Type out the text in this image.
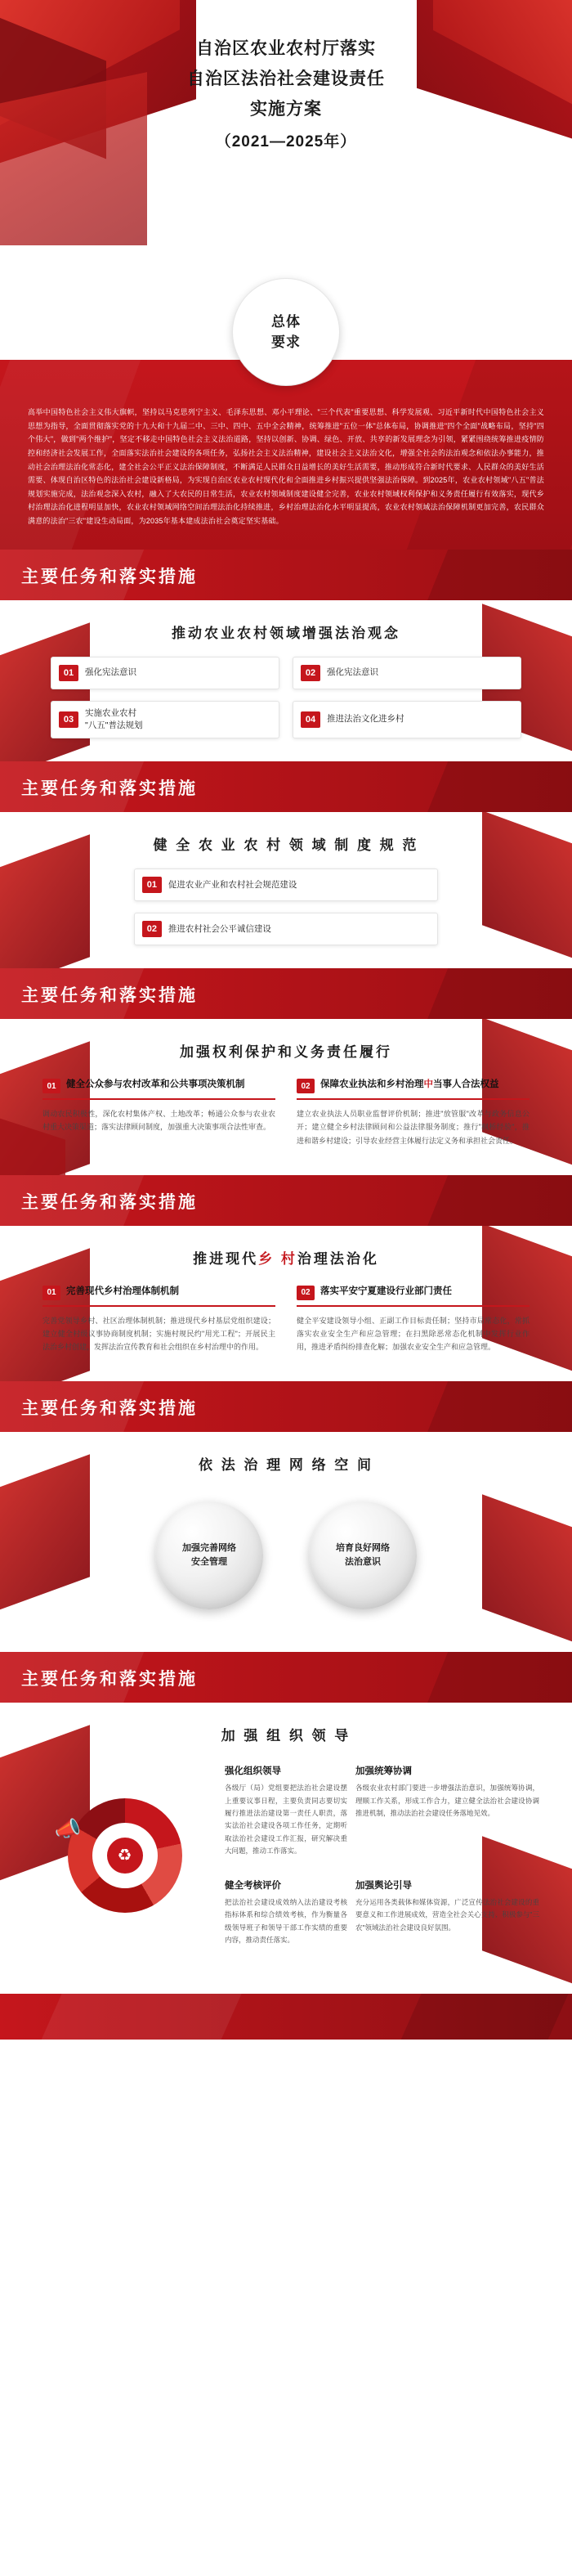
自治区农业农村厅落实
自治区法治社会建设责任
实施方案
（2021—2025年）
总体
要求
高举中国特色社会主义伟大旗帜，坚持以马克思列宁主义、毛泽东思想、邓小平理论、"三个代表"重要思想、科学发展观、习近平新时代中国特色社会主义思想为指导，全面贯彻落实党的十九大和十九届二中、三中、四中、五中全会精神，统筹推进"五位一体"总体布局，协调推进"四个全面"战略布局，坚持"四个伟大"，做到"两个维护"，坚定不移走中国特色社会主义法治道路，坚持以创新、协调、绿色、开放、共享的新发展理念为引领，紧紧围绕统筹推进疫情防控和经济社会发展工作，全面落实法治社会建设的各项任务，弘扬社会主义法治精神，建设社会主义法治文化，增强全社会的法治观念和依法办事能力，推动社会治理法治化常态化，建全社会公平正义法治保障制度，不断满足人民群众日益增长的美好生活需要，推动形成符合新时代要求、人民群众的美好生活需要、体现自治区特色的法治社会建设新格局，为实现自治区农业农村现代化和全面推进乡村振兴提供坚强法治保障。到2025年，农业农村领域"八五"普法规划实施完成，法治观念深入农村，融入了大农民的日常生活，农业农村领域制度建设健全完善，农业农村领域权利保护和义务责任履行有效落实，现代乡村治理法治化进程明显加快，农业农村领域网络空间治理法治化持续推进，乡村治理法治化水平明显提高，农业农村领域法治保障机制更加完善，农民群众满意的法治"三农"建设生动局面，为2035年基本建成法治社会奠定坚实基础。
主要任务和落实措施
推动农业农村领域增强法治观念
01	强化宪法意识	02	强化宪法意识
03
实施农业农村
"八五"普法规划
04	推进法治文化进乡村
主要任务和落实措施
健 全 农 业 农 村 领 域 制 度 规 范
01	促进农业产业和农村社会规范建设
02	推进农村社会公平诚信建设
主要任务和落实措施
加强权利保护和义务责任履行
01	健全公众参与农村改革和公共事项决策机制
调动农民积极性，深化农村集体产权、土地改革；畅通公众参与农业农村重大决策渠道；落实法律顾问制度，加强重大决策事项合法性审查。
02	保障农业执法和乡村治理中当事人合法权益
建立农业执法人员职业监督评价机制；推进"放管服"改革与政务信息公开；建立健全乡村法律顾问和公益法律服务制度；推行"枫桥经验"，推进和谐乡村建设；引导农业经营主体履行法定义务和承担社会责任。
主要任务和落实措施
推进现代乡 村治理法治化
01	完善现代乡村治理体制机制
完善党领导乡村、社区治理体制机制；推进现代乡村基层党组织建设；建立健全村级议事协商制度机制；实施村规民约"用光工程"；开展民主法治乡村创建，发挥法治宣传教育和社会组织在乡村治理中的作用。
02	落实平安宁夏建设行业部门责任
健全平安建设领导小组、正副工作目标责任制；坚持市局常态化，常抓落实农业安全生产和应急管理；在扫黑除恶常态化机制中发挥行业作用，推进矛盾纠纷排查化解；加强农业安全生产和应急管理。
主要任务和落实措施
依 法 治 理 网 络 空 间
加强完善网络
安全管理
培育良好网络
法治意识
主要任务和落实措施
加 强 组 织 领 导
强化组织领导
各级厅（局）党组要把法治社会建设摆上重要议事日程，主要负责同志要切实履行推进法治建设第一责任人职责，落实法治社会建设各项工作任务，定期听取法治社会建设工作汇报，研究解决重大问题，推动工作落实。
♻
📣
加强统筹协调
各级农业农村部门要进一步增强法治意识，加强统筹协调，理顺工作关系，形成工作合力，建立健全法治社会建设协调推进机制，推动法治社会建设任务落地见效。
健全考核评价
把法治社会建设成效纳入法治建设考核指标体系和综合绩效考核，作为衡量各级领导班子和领导干部工作实绩的重要内容，推动责任落实。
加强舆论引导
充分运用各类载体和媒体资源，广泛宣传法治社会建设的重要意义和工作进展成效，营造全社会关心支持、积极参与"三农"领域法治社会建设良好氛围。
